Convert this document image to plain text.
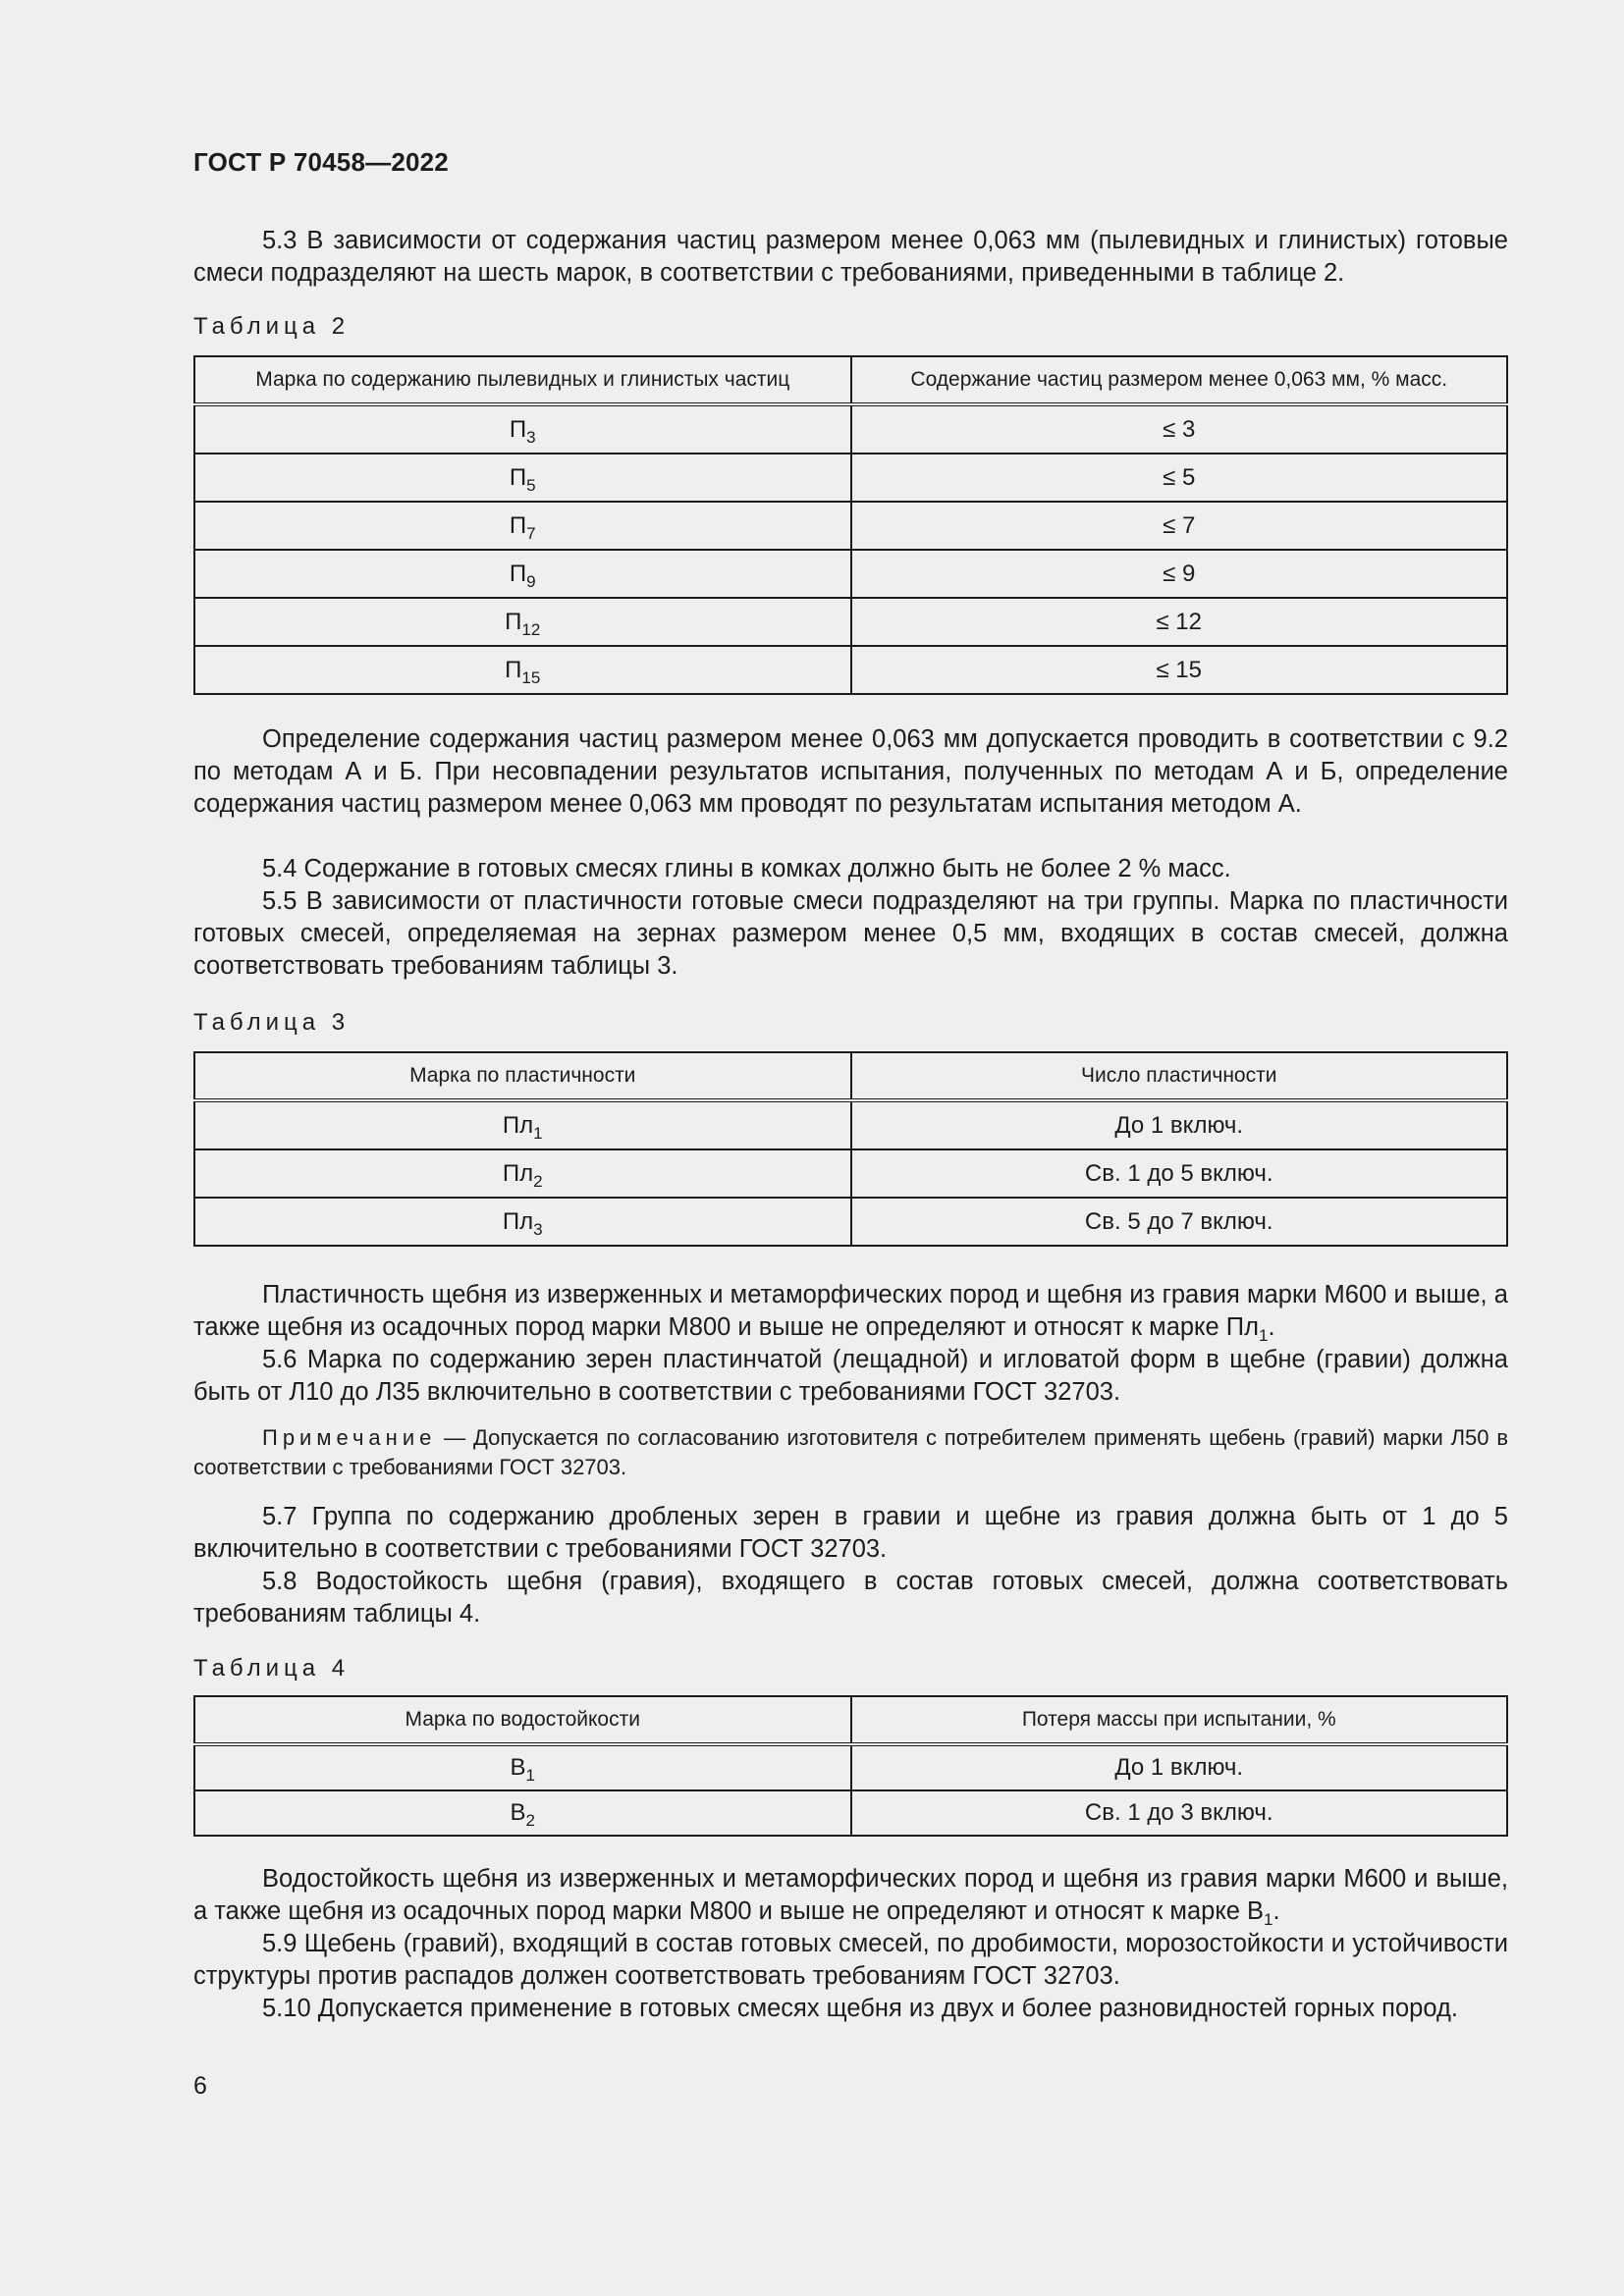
ГОСТ Р 70458—2022
5.3 В зависимости от содержания частиц размером менее 0,063 мм (пылевидных и глинистых) готовые смеси подразделяют на шесть марок, в соответствии с требованиями, приведенными в таблице 2.
Таблица 2
Марка по содержанию пылевидных и глинистых частиц	Содержание частиц размером менее 0,063 мм, % масс.
$П_3$	≤ 3
$П_5$	≤ 5
$П_7$	≤ 7
$П_9$	≤ 9
$П_{12}$	≤ 12
$П_{15}$	≤ 15
Определение содержания частиц размером менее 0,063 мм допускается проводить в соответствии с 9.2 по методам А и Б. При несовпадении результатов испытания, полученных по методам А и Б, определение содержания частиц размером менее 0,063 мм проводят по результатам испытания методом А.
5.4 Содержание в готовых смесях глины в комках должно быть не более 2 % масс.
5.5 В зависимости от пластичности готовые смеси подразделяют на три группы. Марка по пластичности готовых смесей, определяемая на зернах размером менее 0,5 мм, входящих в состав смесей, должна соответствовать требованиям таблицы 3.
Таблица 3
Марка по пластичности	Число пластичности
$Пл_1$	До 1 включ.
$Пл_2$	Св. 1 до 5 включ.
$Пл_3$	Св. 5 до 7 включ.
Пластичность щебня из изверженных и метаморфических пород и щебня из гравия марки М600 и выше, а также щебня из осадочных пород марки М800 и выше не определяют и относят к марке $Пл_1$.
5.6 Марка по содержанию зерен пластинчатой (лещадной) и игловатой форм в щебне (гравии) должна быть от Л10 до Л35 включительно в соответствии с требованиями ГОСТ 32703.
Примечание — Допускается по согласованию изготовителя с потребителем применять щебень (гравий) марки Л50 в соответствии с требованиями ГОСТ 32703.
5.7 Группа по содержанию дробленых зерен в гравии и щебне из гравия должна быть от 1 до 5 включительно в соответствии с требованиями ГОСТ 32703.
5.8 Водостойкость щебня (гравия), входящего в состав готовых смесей, должна соответствовать требованиям таблицы 4.
Таблица 4
Марка по водостойкости	Потеря массы при испытании, %
$В_1$	До 1 включ.
$В_2$	Св. 1 до 3 включ.
Водостойкость щебня из изверженных и метаморфических пород и щебня из гравия марки М600 и выше, а также щебня из осадочных пород марки М800 и выше не определяют и относят к марке $В_1$.
5.9 Щебень (гравий), входящий в состав готовых смесей, по дробимости, морозостойкости и устойчивости структуры против распадов должен соответствовать требованиям ГОСТ 32703.
5.10 Допускается применение в готовых смесях щебня из двух и более разновидностей горных пород.
6
